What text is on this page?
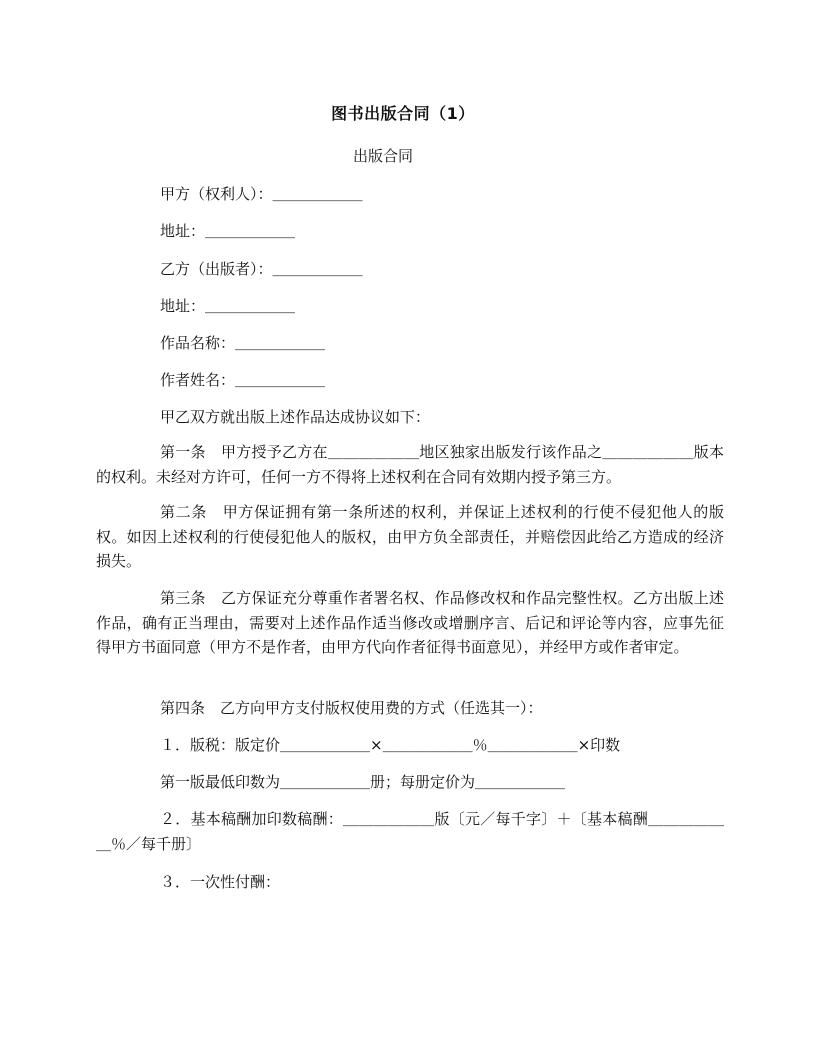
图书出版合同（1）
出版合同
甲方（权利人）：＿＿＿＿＿＿
地址：＿＿＿＿＿＿
乙方（出版者）：＿＿＿＿＿＿
地址：＿＿＿＿＿＿
作品名称：＿＿＿＿＿＿
作者姓名：＿＿＿＿＿＿
甲乙双方就出版上述作品达成协议如下：
第一条　甲方授予乙方在＿＿＿＿＿＿地区独家出版发行该作品之＿＿＿＿＿＿版本的权利。未经对方许可，任何一方不得将上述权利在合同有效期内授予第三方。
第二条　甲方保证拥有第一条所述的权利，并保证上述权利的行使不侵犯他人的版权。如因上述权利的行使侵犯他人的版权，由甲方负全部责任，并赔偿因此给乙方造成的经济损失。
第三条　乙方保证充分尊重作者署名权、作品修改权和作品完整性权。乙方出版上述作品，确有正当理由，需要对上述作品作适当修改或增删序言、后记和评论等内容，应事先征得甲方书面同意（甲方不是作者，由甲方代向作者征得书面意见），并经甲方或作者审定。
第四条　乙方向甲方支付版权使用费的方式（任选其一）：
１．版税：版定价＿＿＿＿＿＿×＿＿＿＿＿＿％＿＿＿＿＿＿×印数
第一版最低印数为＿＿＿＿＿＿册；每册定价为＿＿＿＿＿＿
２．基本稿酬加印数稿酬：＿＿＿＿＿＿版〔元／每千字〕＋〔基本稿酬＿＿＿＿＿＿％／每千册〕
３．一次性付酬：
